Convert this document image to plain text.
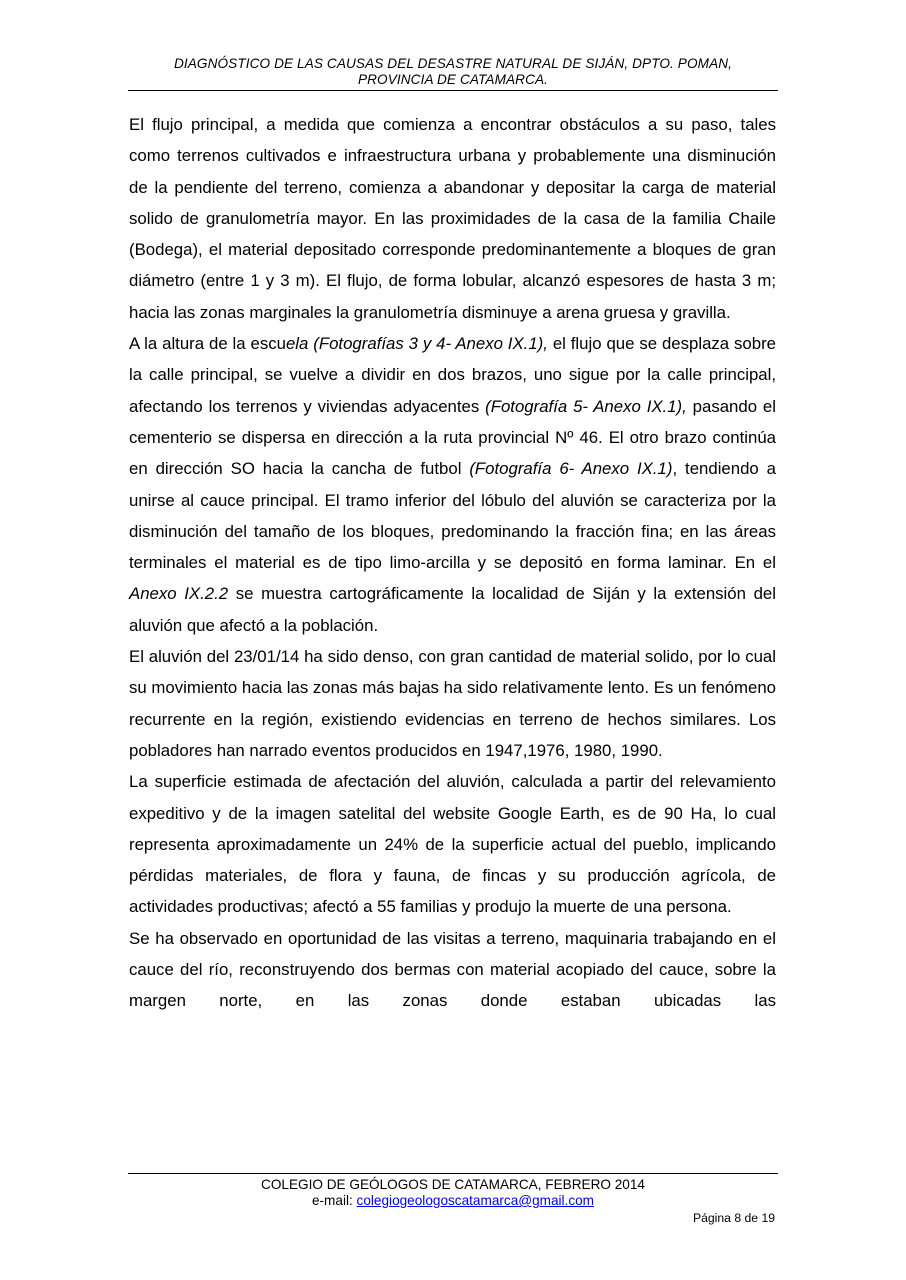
DIAGNÓSTICO DE LAS CAUSAS DEL DESASTRE NATURAL DE SIJÁN, DPTO. POMAN,
PROVINCIA DE CATAMARCA.

El flujo principal, a medida que comienza a encontrar obstáculos a su paso, tales como terrenos cultivados e infraestructura urbana y probablemente una disminución de la pendiente del terreno, comienza a abandonar y depositar la carga de material solido de granulometría mayor. En las proximidades de la casa de la familia Chaile (Bodega), el material depositado corresponde predominantemente a bloques de gran diámetro (entre 1 y 3 m). El flujo, de forma lobular, alcanzó espesores de hasta 3 m; hacia las zonas marginales la granulometría disminuye a arena gruesa y gravilla.

A la altura de la escuela (Fotografías 3 y 4- Anexo IX.1), el flujo que se desplaza sobre la calle principal, se vuelve a dividir en dos brazos, uno sigue por la calle principal, afectando los terrenos y viviendas adyacentes (Fotografía 5- Anexo IX.1), pasando el cementerio se dispersa en dirección a la ruta provincial Nº 46. El otro brazo continúa en dirección SO hacia la cancha de futbol (Fotografía 6- Anexo IX.1), tendiendo a unirse al cauce principal. El tramo inferior del lóbulo del aluvión se caracteriza por la disminución del tamaño de los bloques, predominando la fracción fina; en las áreas terminales el material es de tipo limo-arcilla y se depositó en forma laminar. En el Anexo IX.2.2 se muestra cartográficamente la localidad de Siján y la extensión del aluvión que afectó a la población.

El aluvión del 23/01/14 ha sido denso, con gran cantidad de material solido, por lo cual su movimiento hacia las zonas más bajas ha sido relativamente lento. Es un fenómeno recurrente en la región, existiendo evidencias en terreno de hechos similares. Los pobladores han narrado eventos producidos en 1947,1976, 1980, 1990.

La superficie estimada de afectación del aluvión, calculada a partir del relevamiento expeditivo y de la imagen satelital del website Google Earth, es de 90 Ha, lo cual representa aproximadamente un 24% de la superficie actual del pueblo, implicando pérdidas materiales, de flora y fauna, de fincas y su producción agrícola, de actividades productivas; afectó a 55 familias y produjo la muerte de una persona.

Se ha observado en oportunidad de las visitas a terreno, maquinaria trabajando en el cauce del río, reconstruyendo dos bermas con material acopiado del cauce, sobre la margen norte, en las zonas donde estaban ubicadas las

COLEGIO DE GEÓLOGOS DE CATAMARCA, FEBRERO 2014
e-mail: colegiogeologoscatamarca@gmail.com
Página 8 de 19
